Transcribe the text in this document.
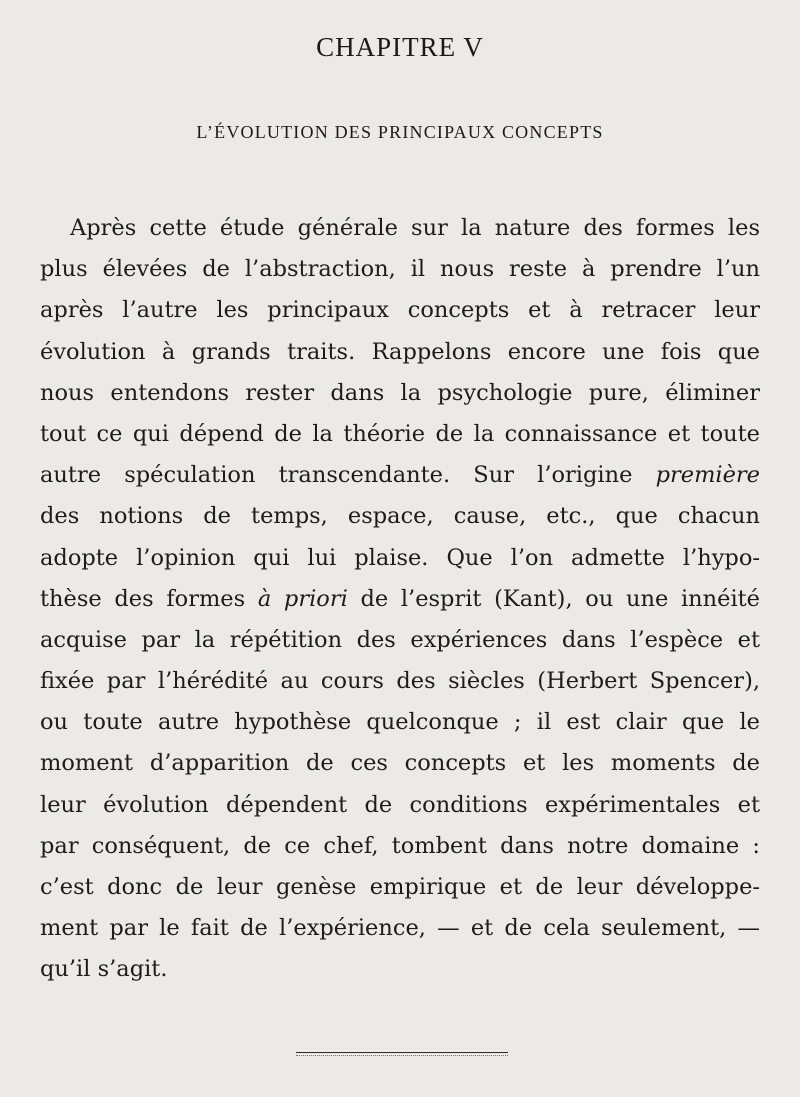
CHAPITRE V
L’ÉVOLUTION DES PRINCIPAUX CONCEPTS
Après cette étude générale sur la nature des formes les
plus élevées de l’abstraction, il nous reste à prendre l’un
après l’autre les principaux concepts et à retracer leur
évolution à grands traits. Rappelons encore une fois que
nous entendons rester dans la psychologie pure, éliminer
tout ce qui dépend de la théorie de la connaissance et toute
autre spéculation transcendante. Sur l’origine première
des notions de temps, espace, cause, etc., que chacun
adopte l’opinion qui lui plaise. Que l’on admette l’hypo-
thèse des formes à priori de l’esprit (Kant), ou une innéité
acquise par la répétition des expériences dans l’espèce et
fixée par l’hérédité au cours des siècles (Herbert Spencer),
ou toute autre hypothèse quelconque ; il est clair que le
moment d’apparition de ces concepts et les moments de
leur évolution dépendent de conditions expérimentales et
par conséquent, de ce chef, tombent dans notre domaine :
c’est donc de leur genèse empirique et de leur développe-
ment par le fait de l’expérience, — et de cela seulement, —
qu’il s’agit.
